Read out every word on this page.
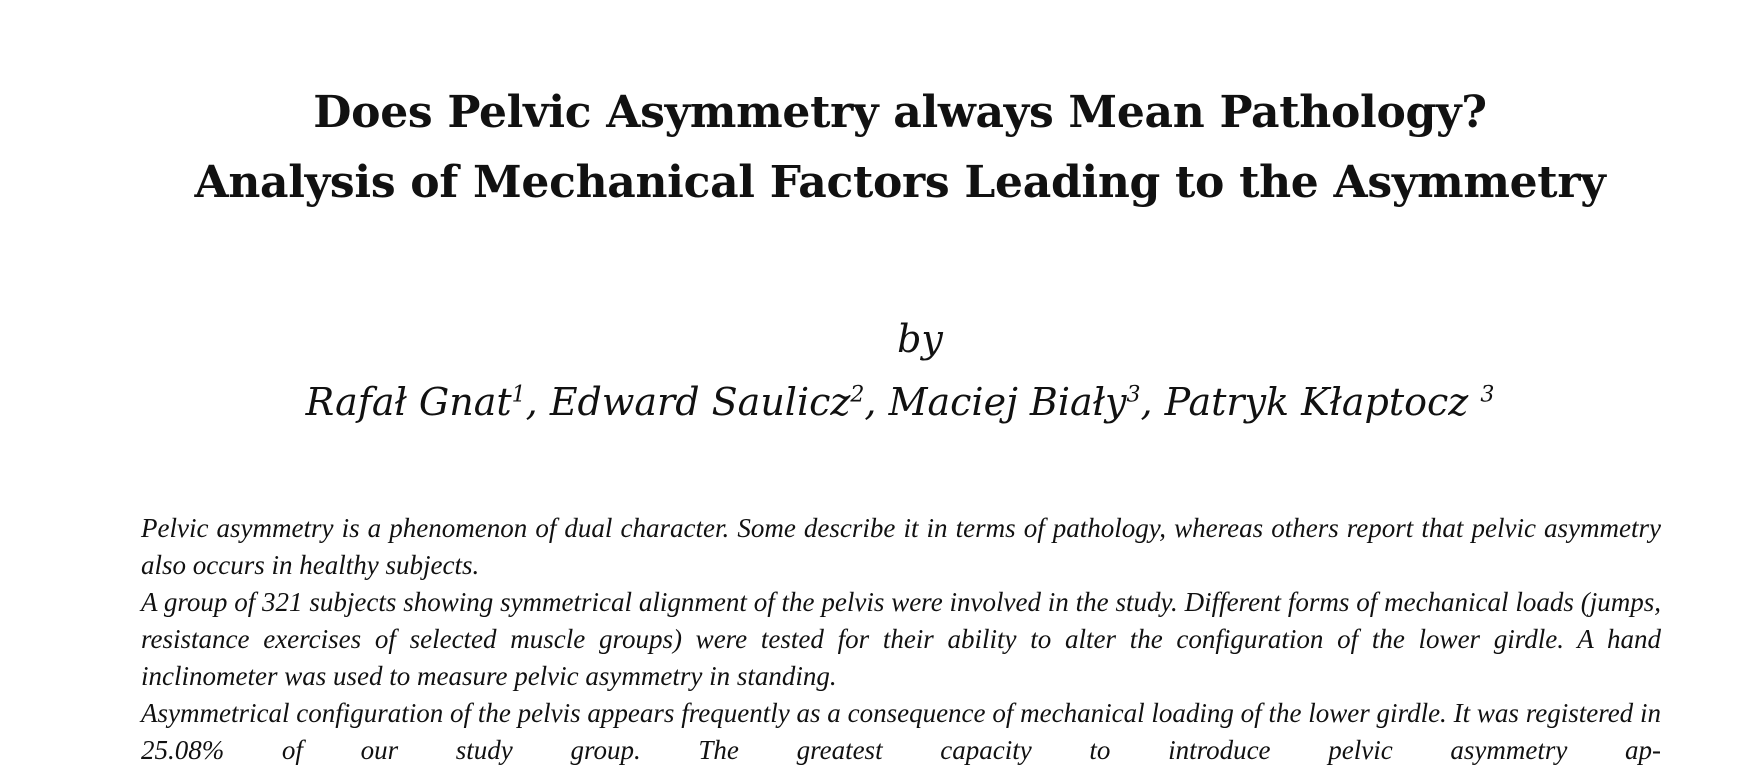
Does Pelvic Asymmetry always Mean Pathology?
Analysis of Mechanical Factors Leading to the Asymmetry
by
Rafał Gnat$^1$, Edward Saulicz$^2$, Maciej Biały$^3$, Patryk Kłaptocz $^3$

Pelvic asymmetry is a phenomenon of dual character. Some describe it in terms of pathology, whereas others report that pelvic asymmetry also occurs in healthy subjects.

A group of 321 subjects showing symmetrical alignment of the pelvis were involved in the study. Different forms of mechanical loads (jumps, resistance exercises of selected muscle groups) were tested for their ability to alter the configuration of the lower girdle. A hand inclinometer was used to measure pelvic asymmetry in standing.

Asymmetrical configuration of the pelvis appears frequently as a consequence of mechanical loading of the lower girdle. It was registered in 25.08% of our study group. The greatest capacity to introduce pelvic asymmetry ap-
